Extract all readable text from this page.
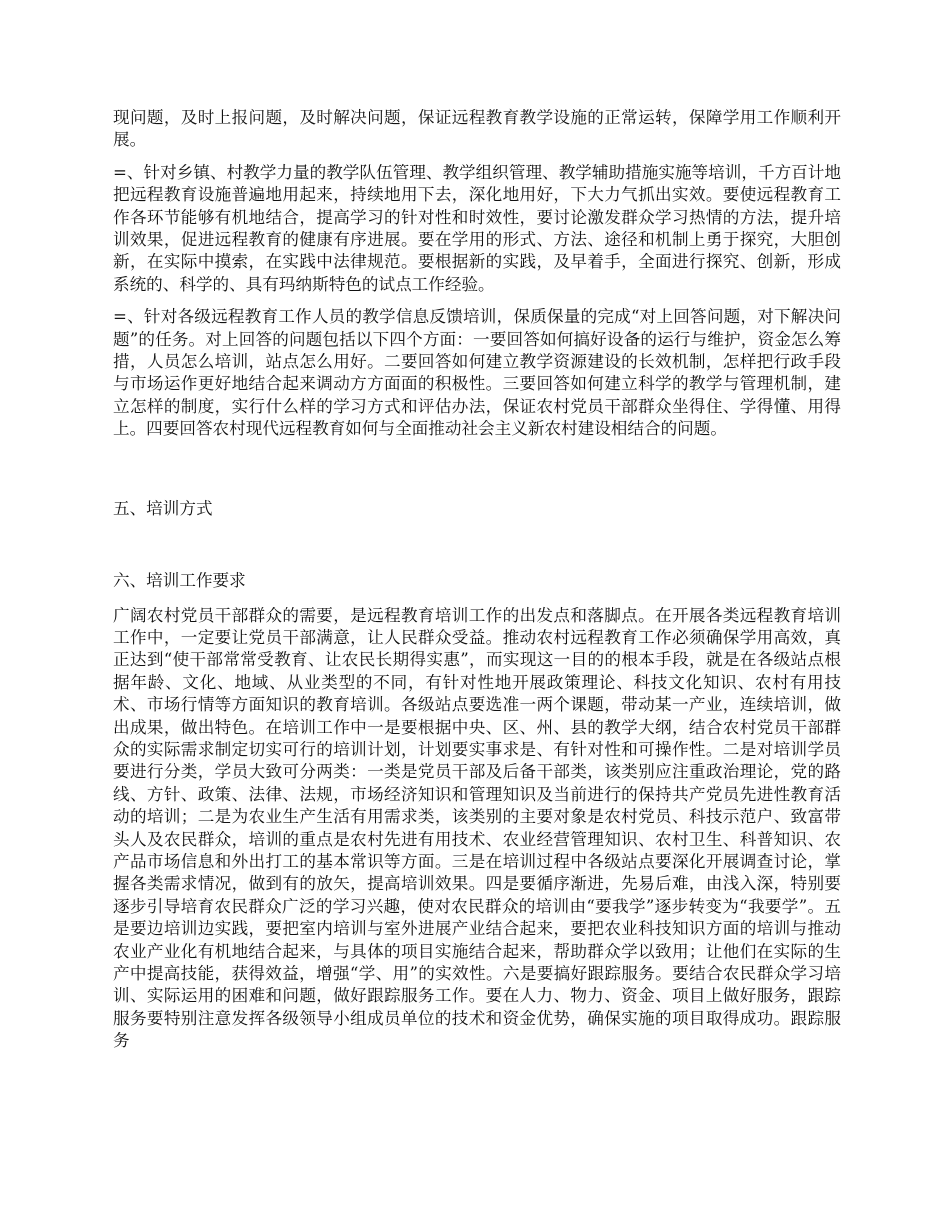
现问题，及时上报问题，及时解决问题，保证远程教育教学设施的正常运转，保障学用工作顺利开展。

=、针对乡镇、村教学力量的教学队伍管理、教学组织管理、教学辅助措施实施等培训，千方百计地把远程教育设施普遍地用起来，持续地用下去，深化地用好，下大力气抓出实效。要使远程教育工作各环节能够有机地结合，提高学习的针对性和时效性，要讨论激发群众学习热情的方法，提升培训效果，促进远程教育的健康有序进展。要在学用的形式、方法、途径和机制上勇于探究，大胆创新，在实际中摸索，在实践中法律规范。要根据新的实践，及早着手，全面进行探究、创新，形成系统的、科学的、具有玛纳斯特色的试点工作经验。

=、针对各级远程教育工作人员的教学信息反馈培训，保质保量的完成“对上回答问题，对下解决问题”的任务。对上回答的问题包括以下四个方面：一要回答如何搞好设备的运行与维护，资金怎么筹措，人员怎么培训，站点怎么用好。二要回答如何建立教学资源建设的长效机制，怎样把行政手段与市场运作更好地结合起来调动方方面面的积极性。三要回答如何建立科学的教学与管理机制，建立怎样的制度，实行什么样的学习方式和评估办法，保证农村党员干部群众坐得住、学得懂、用得上。四要回答农村现代远程教育如何与全面推动社会主义新农村建设相结合的问题。

五、培训方式

六、培训工作要求

广阔农村党员干部群众的需要，是远程教育培训工作的出发点和落脚点。在开展各类远程教育培训工作中，一定要让党员干部满意，让人民群众受益。推动农村远程教育工作必须确保学用高效，真正达到“使干部常常受教育、让农民长期得实惠”，而实现这一目的的根本手段，就是在各级站点根据年龄、文化、地域、从业类型的不同，有针对性地开展政策理论、科技文化知识、农村有用技术、市场行情等方面知识的教育培训。各级站点要选准一两个课题，带动某一产业，连续培训，做出成果，做出特色。在培训工作中一是要根据中央、区、州、县的教学大纲，结合农村党员干部群众的实际需求制定切实可行的培训计划，计划要实事求是、有针对性和可操作性。二是对培训学员要进行分类，学员大致可分两类：一类是党员干部及后备干部类，该类别应注重政治理论，党的路线、方针、政策、法律、法规，市场经济知识和管理知识及当前进行的保持共产党员先进性教育活动的培训；二是为农业生产生活有用需求类，该类别的主要对象是农村党员、科技示范户、致富带头人及农民群众，培训的重点是农村先进有用技术、农业经营管理知识、农村卫生、科普知识、农产品市场信息和外出打工的基本常识等方面。三是在培训过程中各级站点要深化开展调查讨论，掌握各类需求情况，做到有的放矢，提高培训效果。四是要循序渐进，先易后难，由浅入深，特别要逐步引导培育农民群众广泛的学习兴趣，使对农民群众的培训由“要我学”逐步转变为“我要学”。五是要边培训边实践，要把室内培训与室外进展产业结合起来，要把农业科技知识方面的培训与推动农业产业化有机地结合起来，与具体的项目实施结合起来，帮助群众学以致用；让他们在实际的生产中提高技能，获得效益，增强“学、用”的实效性。六是要搞好跟踪服务。要结合农民群众学习培训、实际运用的困难和问题，做好跟踪服务工作。要在人力、物力、资金、项目上做好服务，跟踪服务要特别注意发挥各级领导小组成员单位的技术和资金优势，确保实施的项目取得成功。跟踪服务
